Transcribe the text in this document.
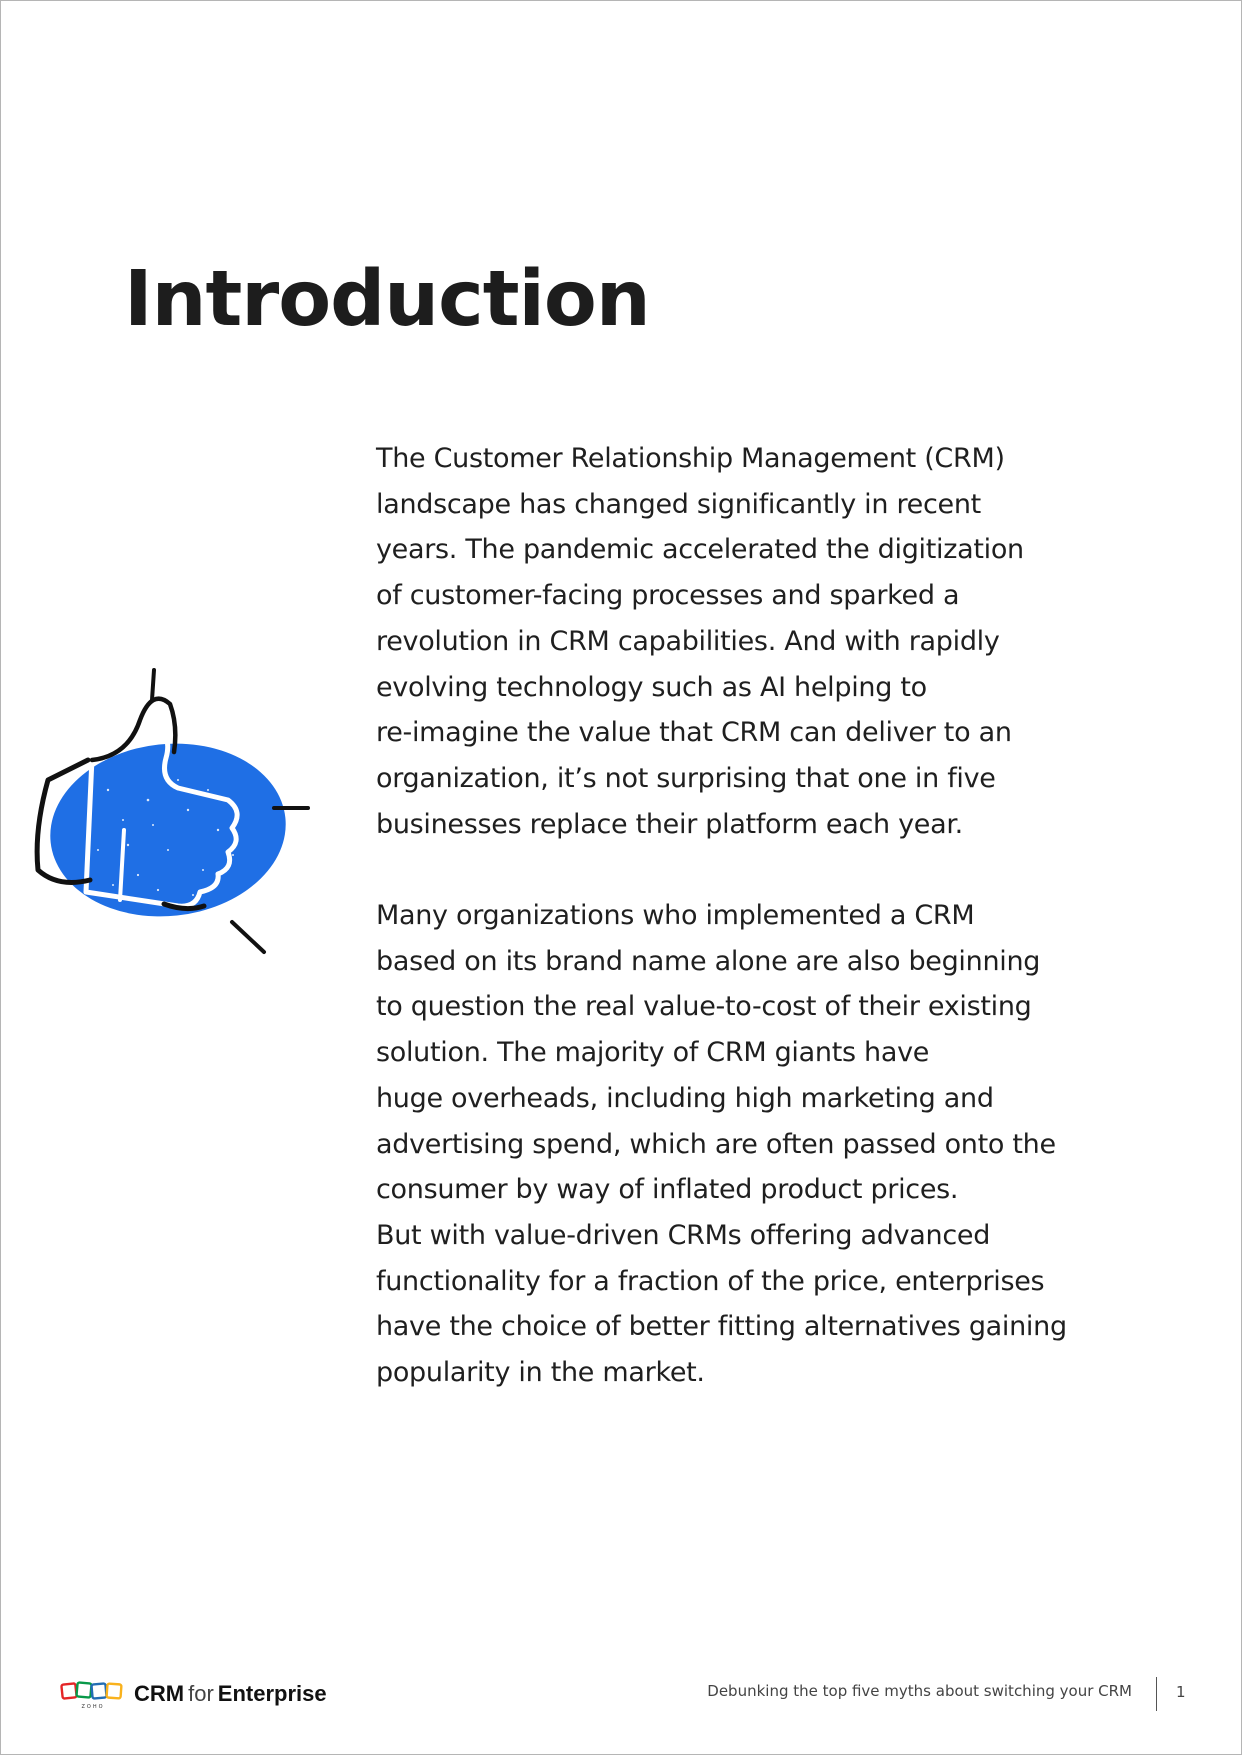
Introduction
The Customer Relationship Management (CRM)
landscape has changed significantly in recent
years. The pandemic accelerated the digitization
of customer-facing processes and sparked a
revolution in CRM capabilities. And with rapidly
evolving technology such as AI helping to
re-imagine the value that CRM can deliver to an
organization, it’s not surprising that one in five
businesses replace their platform each year.
Many organizations who implemented a CRM
based on its brand name alone are also beginning
to question the real value-to-cost of their existing
solution. The majority of CRM giants have
huge overheads, including high marketing and
advertising spend, which are often passed onto the
consumer by way of inflated product prices.
But with value-driven CRMs offering advanced
functionality for a fraction of the price, enterprises
have the choice of better fitting alternatives gaining
popularity in the market.
ZOHO
CRM for Enterprise	Debunking the top five myths about switching your CRM	1
